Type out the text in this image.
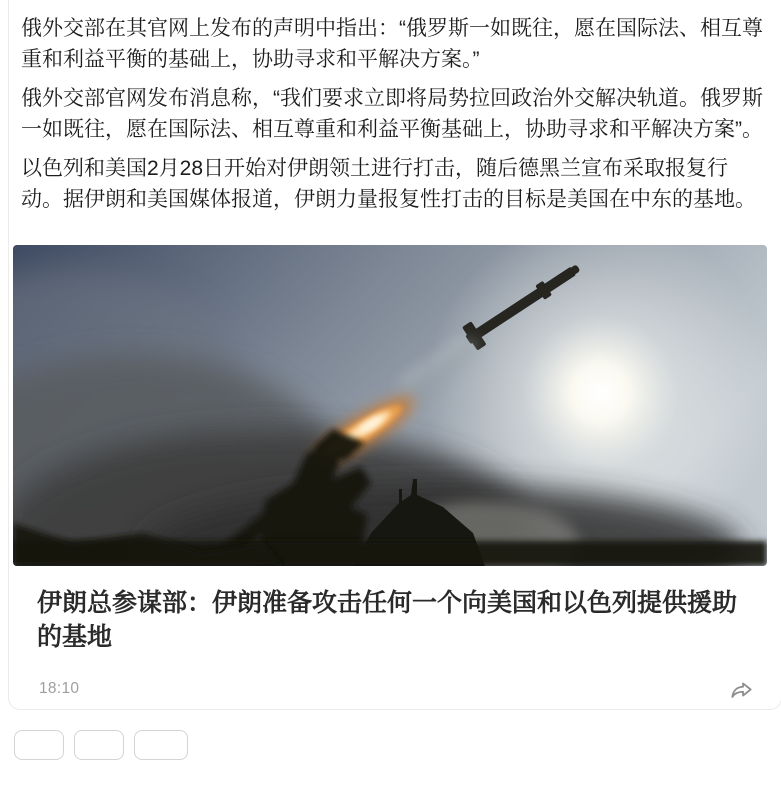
俄外交部在其官网上发布的声明中指出：“俄罗斯一如既往，愿在国际法、相互尊重和利益平衡的基础上，协助寻求和平解决方案。”

俄外交部官网发布消息称，“我们要求立即将局势拉回政治外交解决轨道。俄罗斯一如既往，愿在国际法、相互尊重和利益平衡基础上，协助寻求和平解决方案”。

以色列和美国2月28日开始对伊朗领土进行打击，随后德黑兰宣布采取报复行动。据伊朗和美国媒体报道，伊朗力量报复性打击的目标是美国在中东的基地。

伊朗总参谋部：伊朗准备攻击任何一个向美国和以色列提供援助的基地
18:10
